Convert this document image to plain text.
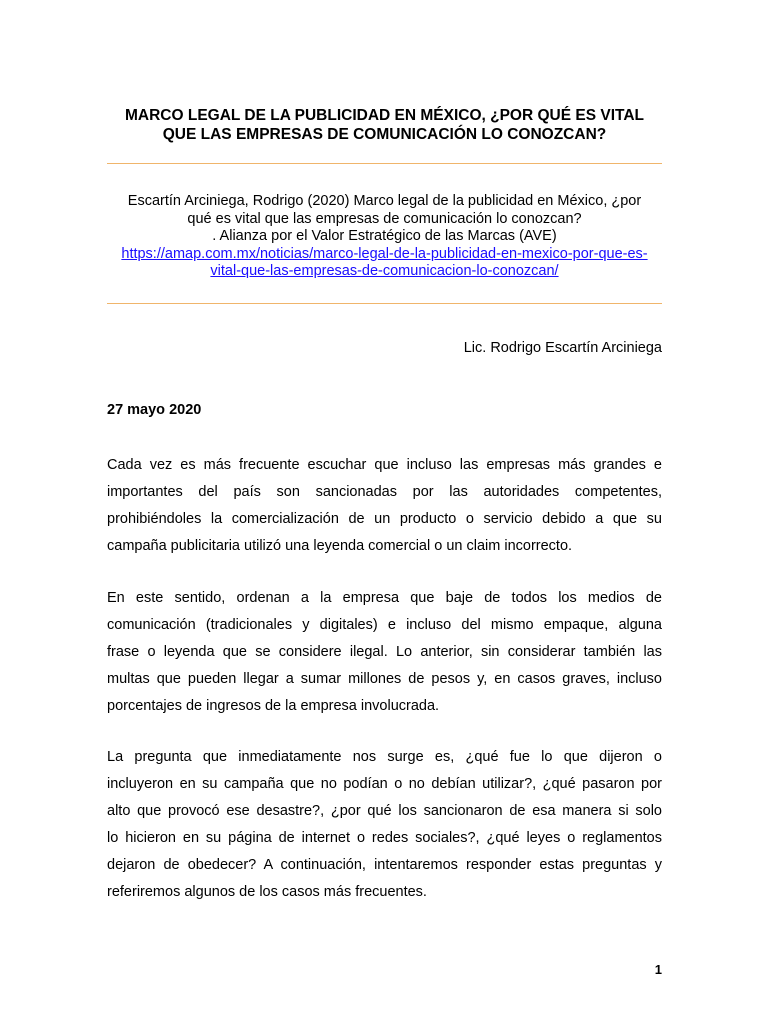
MARCO LEGAL DE LA PUBLICIDAD EN MÉXICO, ¿POR QUÉ ES VITAL
QUE LAS EMPRESAS DE COMUNICACIÓN LO CONOZCAN?
Escartín Arciniega, Rodrigo (2020) Marco legal de la publicidad en México, ¿por
qué es vital que las empresas de comunicación lo conozcan?
. Alianza por el Valor Estratégico de las Marcas (AVE)
https://amap.com.mx/noticias/marco-legal-de-la-publicidad-en-mexico-por-que-es-
vital-que-las-empresas-de-comunicacion-lo-conozcan/
Lic. Rodrigo Escartín Arciniega
27 mayo 2020
Cada vez es más frecuente escuchar que incluso las empresas más grandes e
importantes del país son sancionadas por las autoridades competentes,
prohibiéndoles la comercialización de un producto o servicio debido a que su
campaña publicitaria utilizó una leyenda comercial o un claim incorrecto.
En este sentido, ordenan a la empresa que baje de todos los medios de
comunicación (tradicionales y digitales) e incluso del mismo empaque, alguna
frase o leyenda que se considere ilegal. Lo anterior, sin considerar también las
multas que pueden llegar a sumar millones de pesos y, en casos graves, incluso
porcentajes de ingresos de la empresa involucrada.
La pregunta que inmediatamente nos surge es, ¿qué fue lo que dijeron o
incluyeron en su campaña que no podían o no debían utilizar?, ¿qué pasaron por
alto que provocó ese desastre?, ¿por qué los sancionaron de esa manera si solo
lo hicieron en su página de internet o redes sociales?, ¿qué leyes o reglamentos
dejaron de obedecer? A continuación, intentaremos responder estas preguntas y
referiremos algunos de los casos más frecuentes.
1
